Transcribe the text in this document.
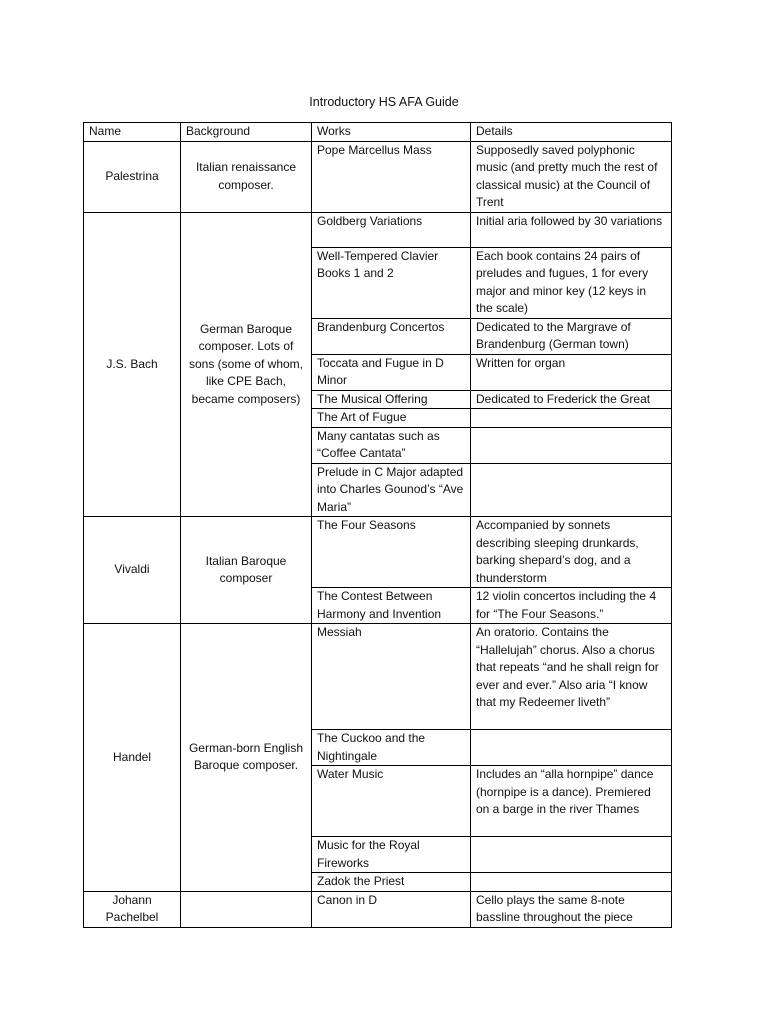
Introductory HS AFA Guide
Name	Background	Works	Details
Palestrina	Italian renaissance composer.	Pope Marcellus Mass	Supposedly saved polyphonic music (and pretty much the rest of classical music) at the Council of Trent
J.S. Bach	German Baroque composer. Lots of sons (some of whom, like CPE Bach, became composers)	Goldberg Variations	Initial aria followed by 30 variations
		Well-Tempered Clavier Books 1 and 2	Each book contains 24 pairs of preludes and fugues, 1 for every major and minor key (12 keys in the scale)
		Brandenburg Concertos	Dedicated to the Margrave of Brandenburg (German town)
		Toccata and Fugue in D Minor	Written for organ
		The Musical Offering	Dedicated to Frederick the Great
		The Art of Fugue	
		Many cantatas such as “Coffee Cantata”	
		Prelude in C Major adapted into Charles Gounod’s “Ave Maria”	
Vivaldi	Italian Baroque composer	The Four Seasons	Accompanied by sonnets describing sleeping drunkards, barking shepard’s dog, and a thunderstorm
		The Contest Between Harmony and Invention	12 violin concertos including the 4 for “The Four Seasons.”
Handel	German-born English Baroque composer.	Messiah	An oratorio. Contains the “Hallelujah” chorus. Also a chorus that repeats “and he shall reign for ever and ever.” Also aria “I know that my Redeemer liveth”
		The Cuckoo and the Nightingale	
		Water Music	Includes an “alla hornpipe” dance (hornpipe is a dance). Premiered on a barge in the river Thames
		Music for the Royal Fireworks	
		Zadok the Priest	
Johann Pachelbel		Canon in D	Cello plays the same 8-note bassline throughout the piece
